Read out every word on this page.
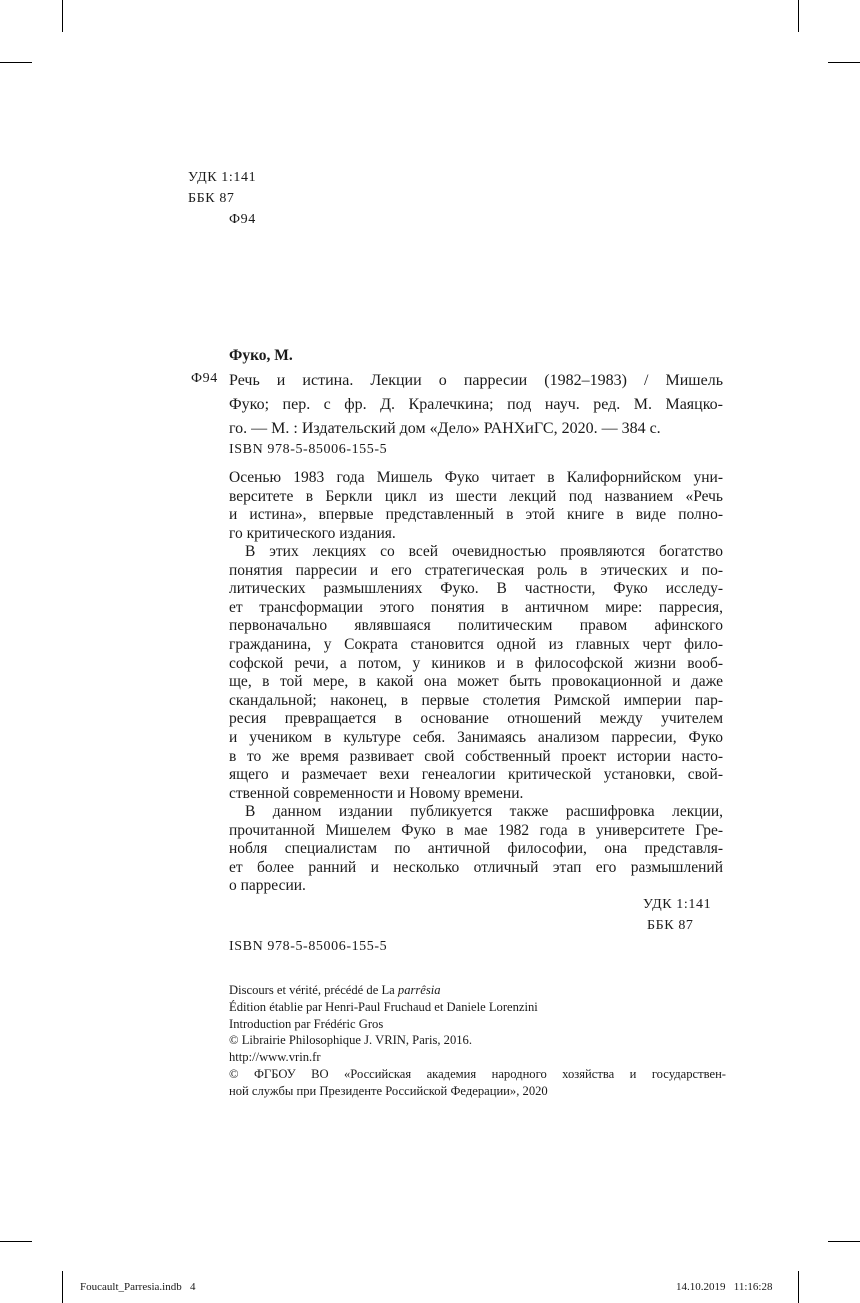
УДК 1:141
ББК 87
Ф94
Фуко, М.
Ф94 Речь и истина. Лекции о парресии (1982–1983) / Мишель
Фуко; пер. с фр. Д. Кралечкина; под науч. ред. М. Маяцко-
го. — М. : Издательский дом «Дело» РАНХиГС, 2020. — 384 с.
ISBN 978-5-85006-155-5
Осенью 1983 года Мишель Фуко читает в Калифорнийском уни-
верситете в Беркли цикл из шести лекций под названием «Речь
и истина», впервые представленный в этой книге в виде полно-
го критического издания.
В этих лекциях со всей очевидностью проявляются богатство
понятия парресии и его стратегическая роль в этических и по-
литических размышлениях Фуко. В частности, Фуко исследу-
ет трансформации этого понятия в античном мире: парресия,
первоначально являвшаяся политическим правом афинского
гражданина, у Сократа становится одной из главных черт фило-
софской речи, а потом, у киников и в философской жизни вооб-
ще, в той мере, в какой она может быть провокационной и даже
скандальной; наконец, в первые столетия Римской империи пар-
ресия превращается в основание отношений между учителем
и учеником в культуре себя. Занимаясь анализом парресии, Фуко
в то же время развивает свой собственный проект истории насто-
ящего и размечает вехи генеалогии критической установки, свой-
ственной современности и Новому времени.
В данном издании публикуется также расшифровка лекции,
прочитанной Мишелем Фуко в мае 1982 года в университете Гре-
нобля специалистам по античной философии, она представля-
ет более ранний и несколько отличный этап его размышлений
о парресии.
УДК 1:141
ББК 87
ISBN 978-5-85006-155-5
Discours et vérité, précédé de La parrêsia
Édition établie par Henri-Paul Fruchaud et Daniele Lorenzini
Introduction par Frédéric Gros
© Librairie Philosophique J. VRIN, Paris, 2016.
http://www.vrin.fr
© ФГБОУ ВО «Российская академия народного хозяйства и государствен-
ной службы при Президенте Российской Федерации», 2020
Foucault_Parresia.indb   4	14.10.2019   11:16:28
